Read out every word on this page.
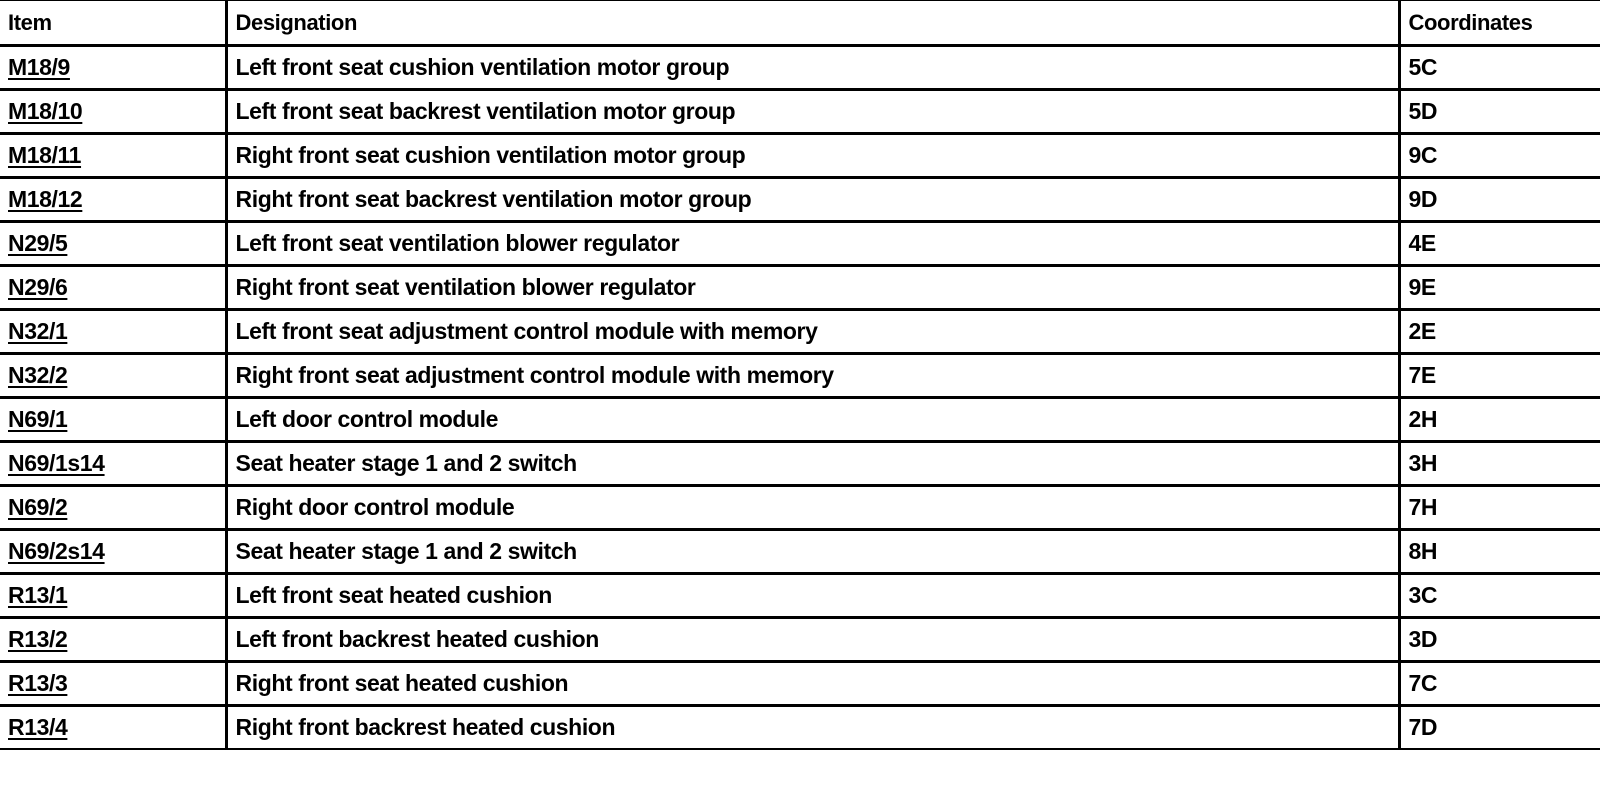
Item	Designation	Coordinates
M18/9	Left front seat cushion ventilation motor group	5C
M18/10	Left front seat backrest ventilation motor group	5D
M18/11	Right front seat cushion ventilation motor group	9C
M18/12	Right front seat backrest ventilation motor group	9D
N29/5	Left front seat ventilation blower regulator	4E
N29/6	Right front seat ventilation blower regulator	9E
N32/1	Left front seat adjustment control module with memory	2E
N32/2	Right front seat adjustment control module with memory	7E
N69/1	Left door control module	2H
N69/1s14	Seat heater stage 1 and 2 switch	3H
N69/2	Right door control module	7H
N69/2s14	Seat heater stage 1 and 2 switch	8H
R13/1	Left front seat heated cushion	3C
R13/2	Left front backrest heated cushion	3D
R13/3	Right front seat heated cushion	7C
R13/4	Right front backrest heated cushion	7D
